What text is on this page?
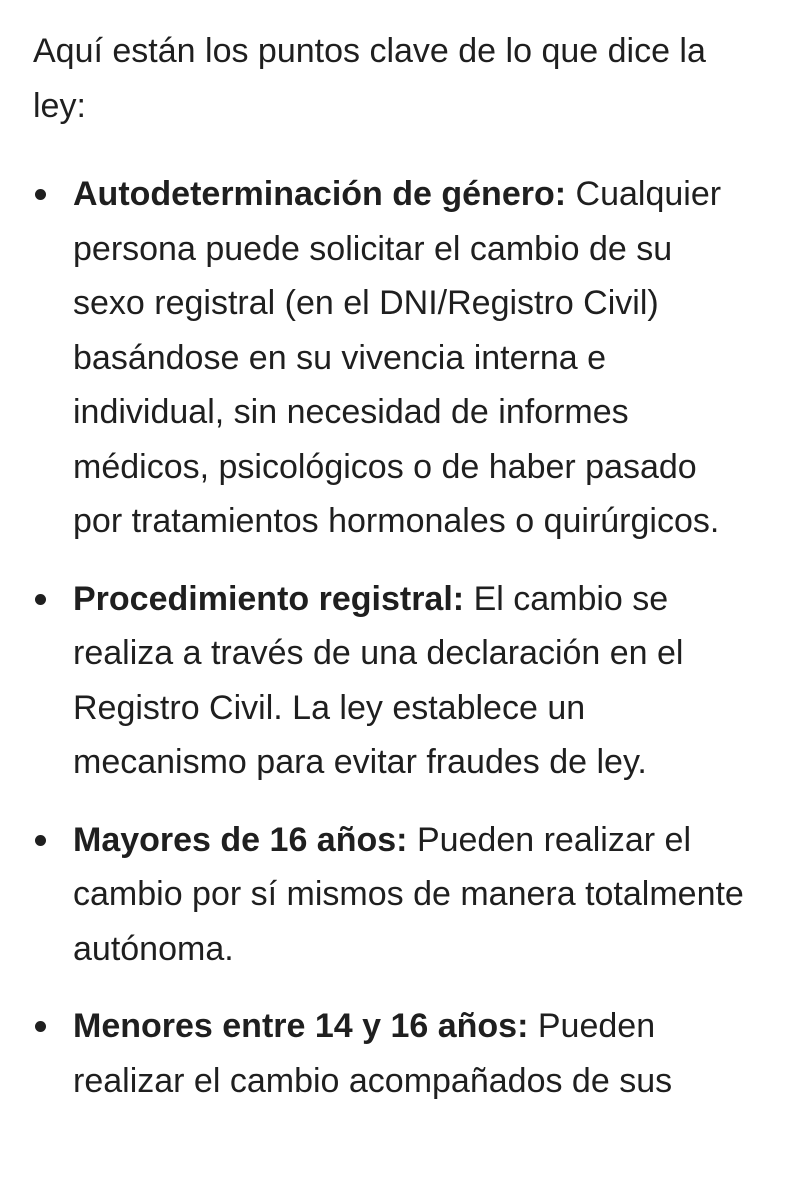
Aquí están los puntos clave de lo que dice la ley:

Autodeterminación de género: Cualquier persona puede solicitar el cambio de su sexo registral (en el DNI/Registro Civil) basándose en su vivencia interna e individual, sin necesidad de informes médicos, psicológicos o de haber pasado por tratamientos hormonales o quirúrgicos.
Procedimiento registral: El cambio se realiza a través de una declaración en el Registro Civil. La ley establece un mecanismo para evitar fraudes de ley.
Mayores de 16 años: Pueden realizar el cambio por sí mismos de manera totalmente autónoma.
Menores entre 14 y 16 años: Pueden realizar el cambio acompañados de sus
